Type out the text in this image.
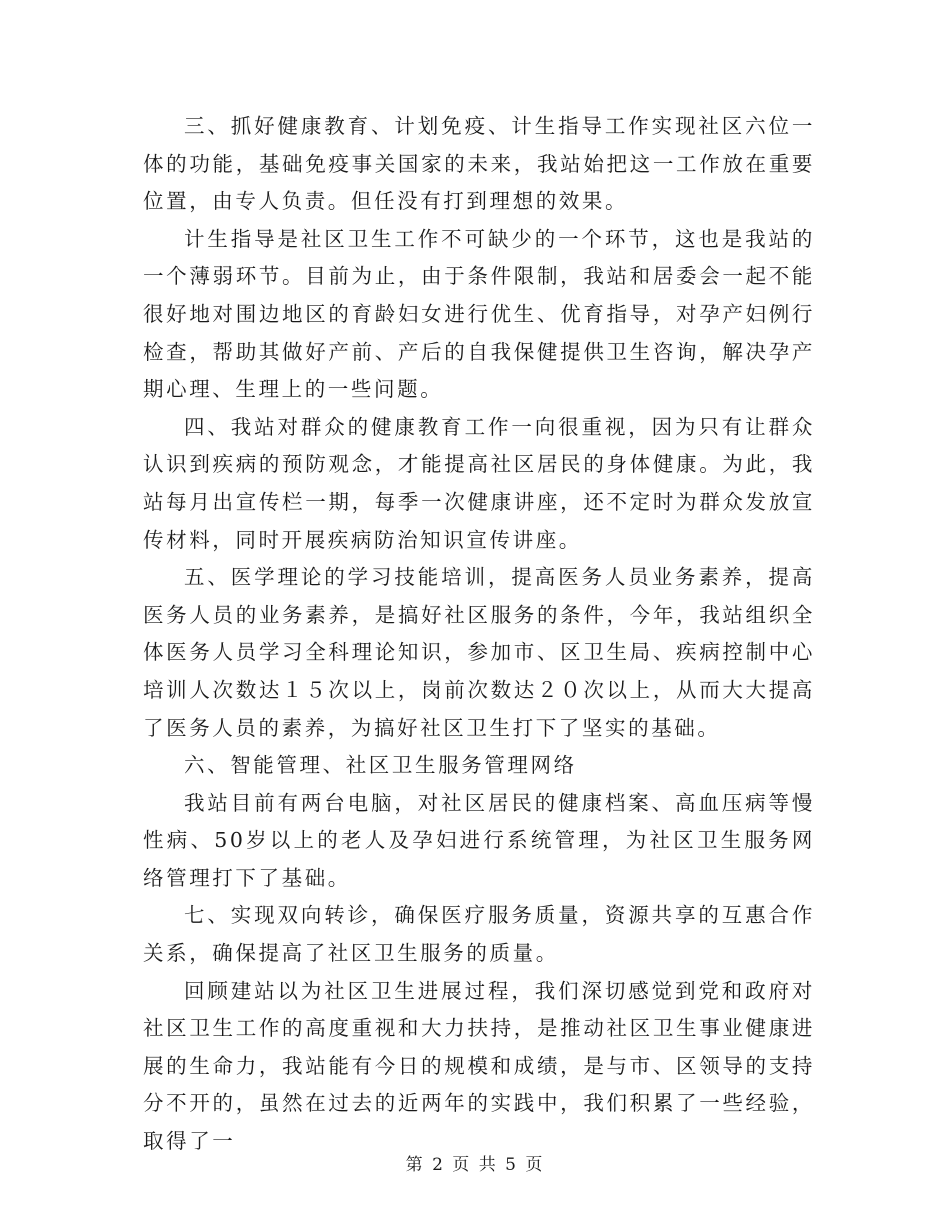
三、抓好健康教育、计划免疫、计生指导工作实现社区六位一体的功能，基础免疫事关国家的未来，我站始把这一工作放在重要位置，由专人负责。但任没有打到理想的效果。

计生指导是社区卫生工作不可缺少的一个环节，这也是我站的一个薄弱环节。目前为止，由于条件限制，我站和居委会一起不能很好地对围边地区的育龄妇女进行优生、优育指导，对孕产妇例行检查，帮助其做好产前、产后的自我保健提供卫生咨询，解决孕产期心理、生理上的一些问题。

四、我站对群众的健康教育工作一向很重视，因为只有让群众认识到疾病的预防观念，才能提高社区居民的身体健康。为此，我站每月出宣传栏一期，每季一次健康讲座，还不定时为群众发放宣传材料，同时开展疾病防治知识宣传讲座。

五、医学理论的学习技能培训，提高医务人员业务素养，提高医务人员的业务素养，是搞好社区服务的条件，今年，我站组织全体医务人员学习全科理论知识，参加市、区卫生局、疾病控制中心培训人次数达１５次以上，岗前次数达２０次以上，从而大大提高了医务人员的素养，为搞好社区卫生打下了坚实的基础。

六、智能管理、社区卫生服务管理网络

我站目前有两台电脑，对社区居民的健康档案、高血压病等慢性病、50岁以上的老人及孕妇进行系统管理，为社区卫生服务网络管理打下了基础。

七、实现双向转诊，确保医疗服务质量，资源共享的互惠合作关系，确保提高了社区卫生服务的质量。

回顾建站以为社区卫生进展过程，我们深切感觉到党和政府对社区卫生工作的高度重视和大力扶持，是推动社区卫生事业健康进展的生命力，我站能有今日的规模和成绩，是与市、区领导的支持分不开的，虽然在过去的近两年的实践中，我们积累了一些经验，取得了一

第 2 页 共 5 页
